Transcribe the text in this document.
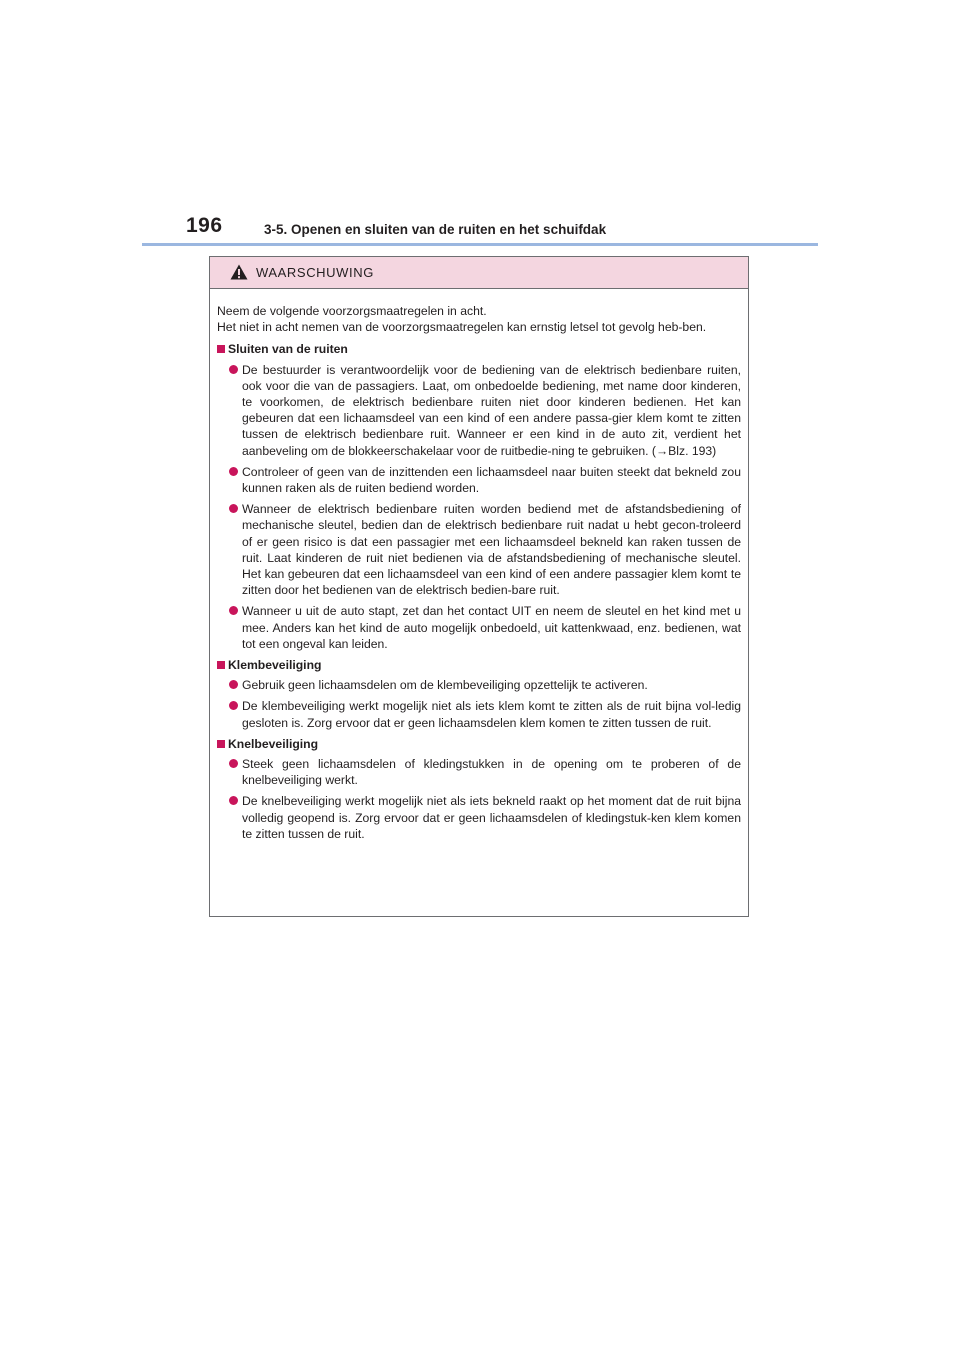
196	3-5. Openen en sluiten van de ruiten en het schuifdak
WAARSCHUWING

Neem de volgende voorzorgsmaatregelen in acht.
Het niet in acht nemen van de voorzorgsmaatregelen kan ernstig letsel tot gevolg heb-ben.

Sluiten van de ruiten
De bestuurder is verantwoordelijk voor de bediening van de elektrisch bedienbare ruiten, ook voor die van de passagiers. Laat, om onbedoelde bediening, met name door kinderen, te voorkomen, de elektrisch bedienbare ruiten niet door kinderen bedienen. Het kan gebeuren dat een lichaamsdeel van een kind of een andere passa-gier klem komt te zitten tussen de elektrisch bedienbare ruit. Wanneer er een kind in de auto zit, verdient het aanbeveling om de blokkeerschakelaar voor de ruitbedie-ning te gebruiken. (→Blz. 193)
Controleer of geen van de inzittenden een lichaamsdeel naar buiten steekt dat bekneld zou kunnen raken als de ruiten bediend worden.
Wanneer de elektrisch bedienbare ruiten worden bediend met de afstandsbediening of mechanische sleutel, bedien dan de elektrisch bedienbare ruit nadat u hebt gecon-troleerd of er geen risico is dat een passagier met een lichaamsdeel bekneld kan raken tussen de ruit. Laat kinderen de ruit niet bedienen via de afstandsbediening of mechanische sleutel. Het kan gebeuren dat een lichaamsdeel van een kind of een andere passagier klem komt te zitten door het bedienen van de elektrisch bedien-bare ruit.
Wanneer u uit de auto stapt, zet dan het contact UIT en neem de sleutel en het kind met u mee. Anders kan het kind de auto mogelijk onbedoeld, uit kattenkwaad, enz. bedienen, wat tot een ongeval kan leiden.
Klembeveiliging
Gebruik geen lichaamsdelen om de klembeveiliging opzettelijk te activeren.
De klembeveiliging werkt mogelijk niet als iets klem komt te zitten als de ruit bijna vol-ledig gesloten is. Zorg ervoor dat er geen lichaamsdelen klem komen te zitten tussen de ruit.
Knelbeveiliging
Steek geen lichaamsdelen of kledingstukken in de opening om te proberen of de knelbeveiliging werkt.
De knelbeveiliging werkt mogelijk niet als iets bekneld raakt op het moment dat de ruit bijna volledig geopend is. Zorg ervoor dat er geen lichaamsdelen of kledingstuk-ken klem komen te zitten tussen de ruit.
